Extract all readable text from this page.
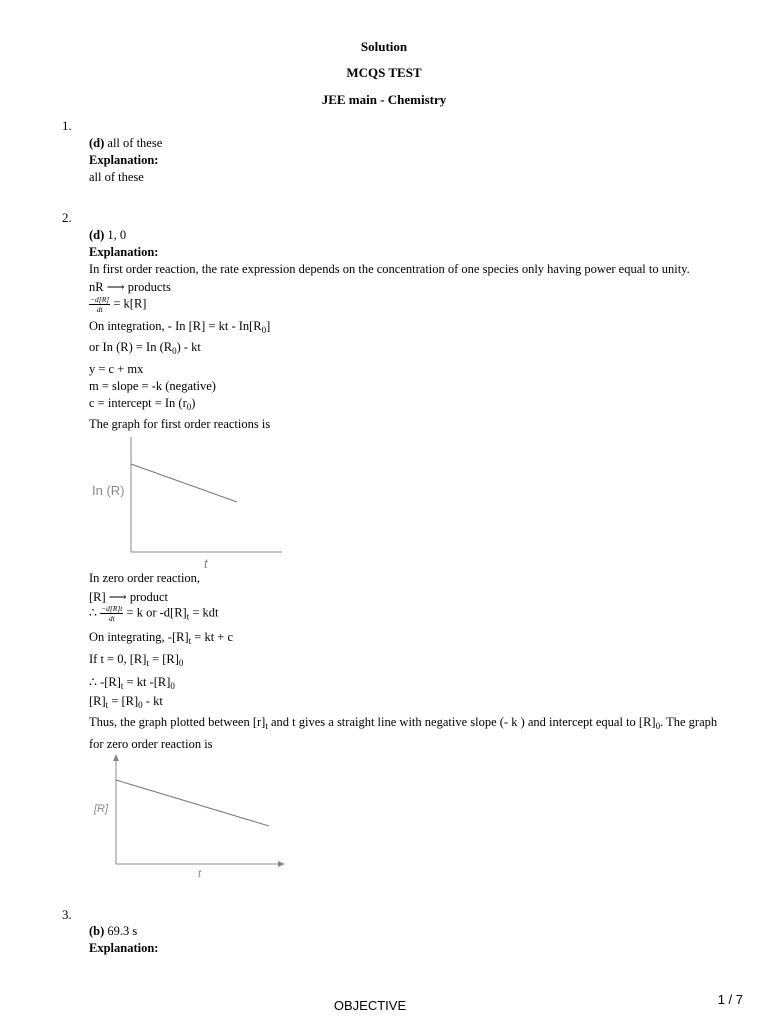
Solution
MCQS TEST
JEE main - Chemistry
1.
(d) all of these
Explanation:
all of these
2.
(d) 1, 0
Explanation:
In first order reaction, the rate expression depends on the concentration of one species only having power equal to unity.
nR ⟶ products
$\frac{-d[R]}{dt} = k[R]$
On integration, - In [R] = kt - $In[R_0]$
or In (R) = In $(R_0)$ - kt
y = c + mx
m = slope = -k (negative)
c = intercept = In $(r_0)$
The graph for first order reactions is
In (R)
t
In zero order reaction,
[R] ⟶ product
∴ $\frac{-d[R]t}{dt} = k$ or $-d[R]_t$ = kdt
On integrating, $-[R]_t$ = kt + c
If t = 0, $[R]_t = [R]_0$
∴ $-[R]_t$ = kt $-[R]_0$
$[R]_t = [R]_0$ - kt
Thus, the graph plotted between $[r]_t$ and t gives a straight line with negative slope (- k ) and intercept equal to $[R]_0$. The graph
for zero order reaction is
[R]
t
3.
(b) 69.3 s
Explanation:
OBJECTIVE	1 / 7
